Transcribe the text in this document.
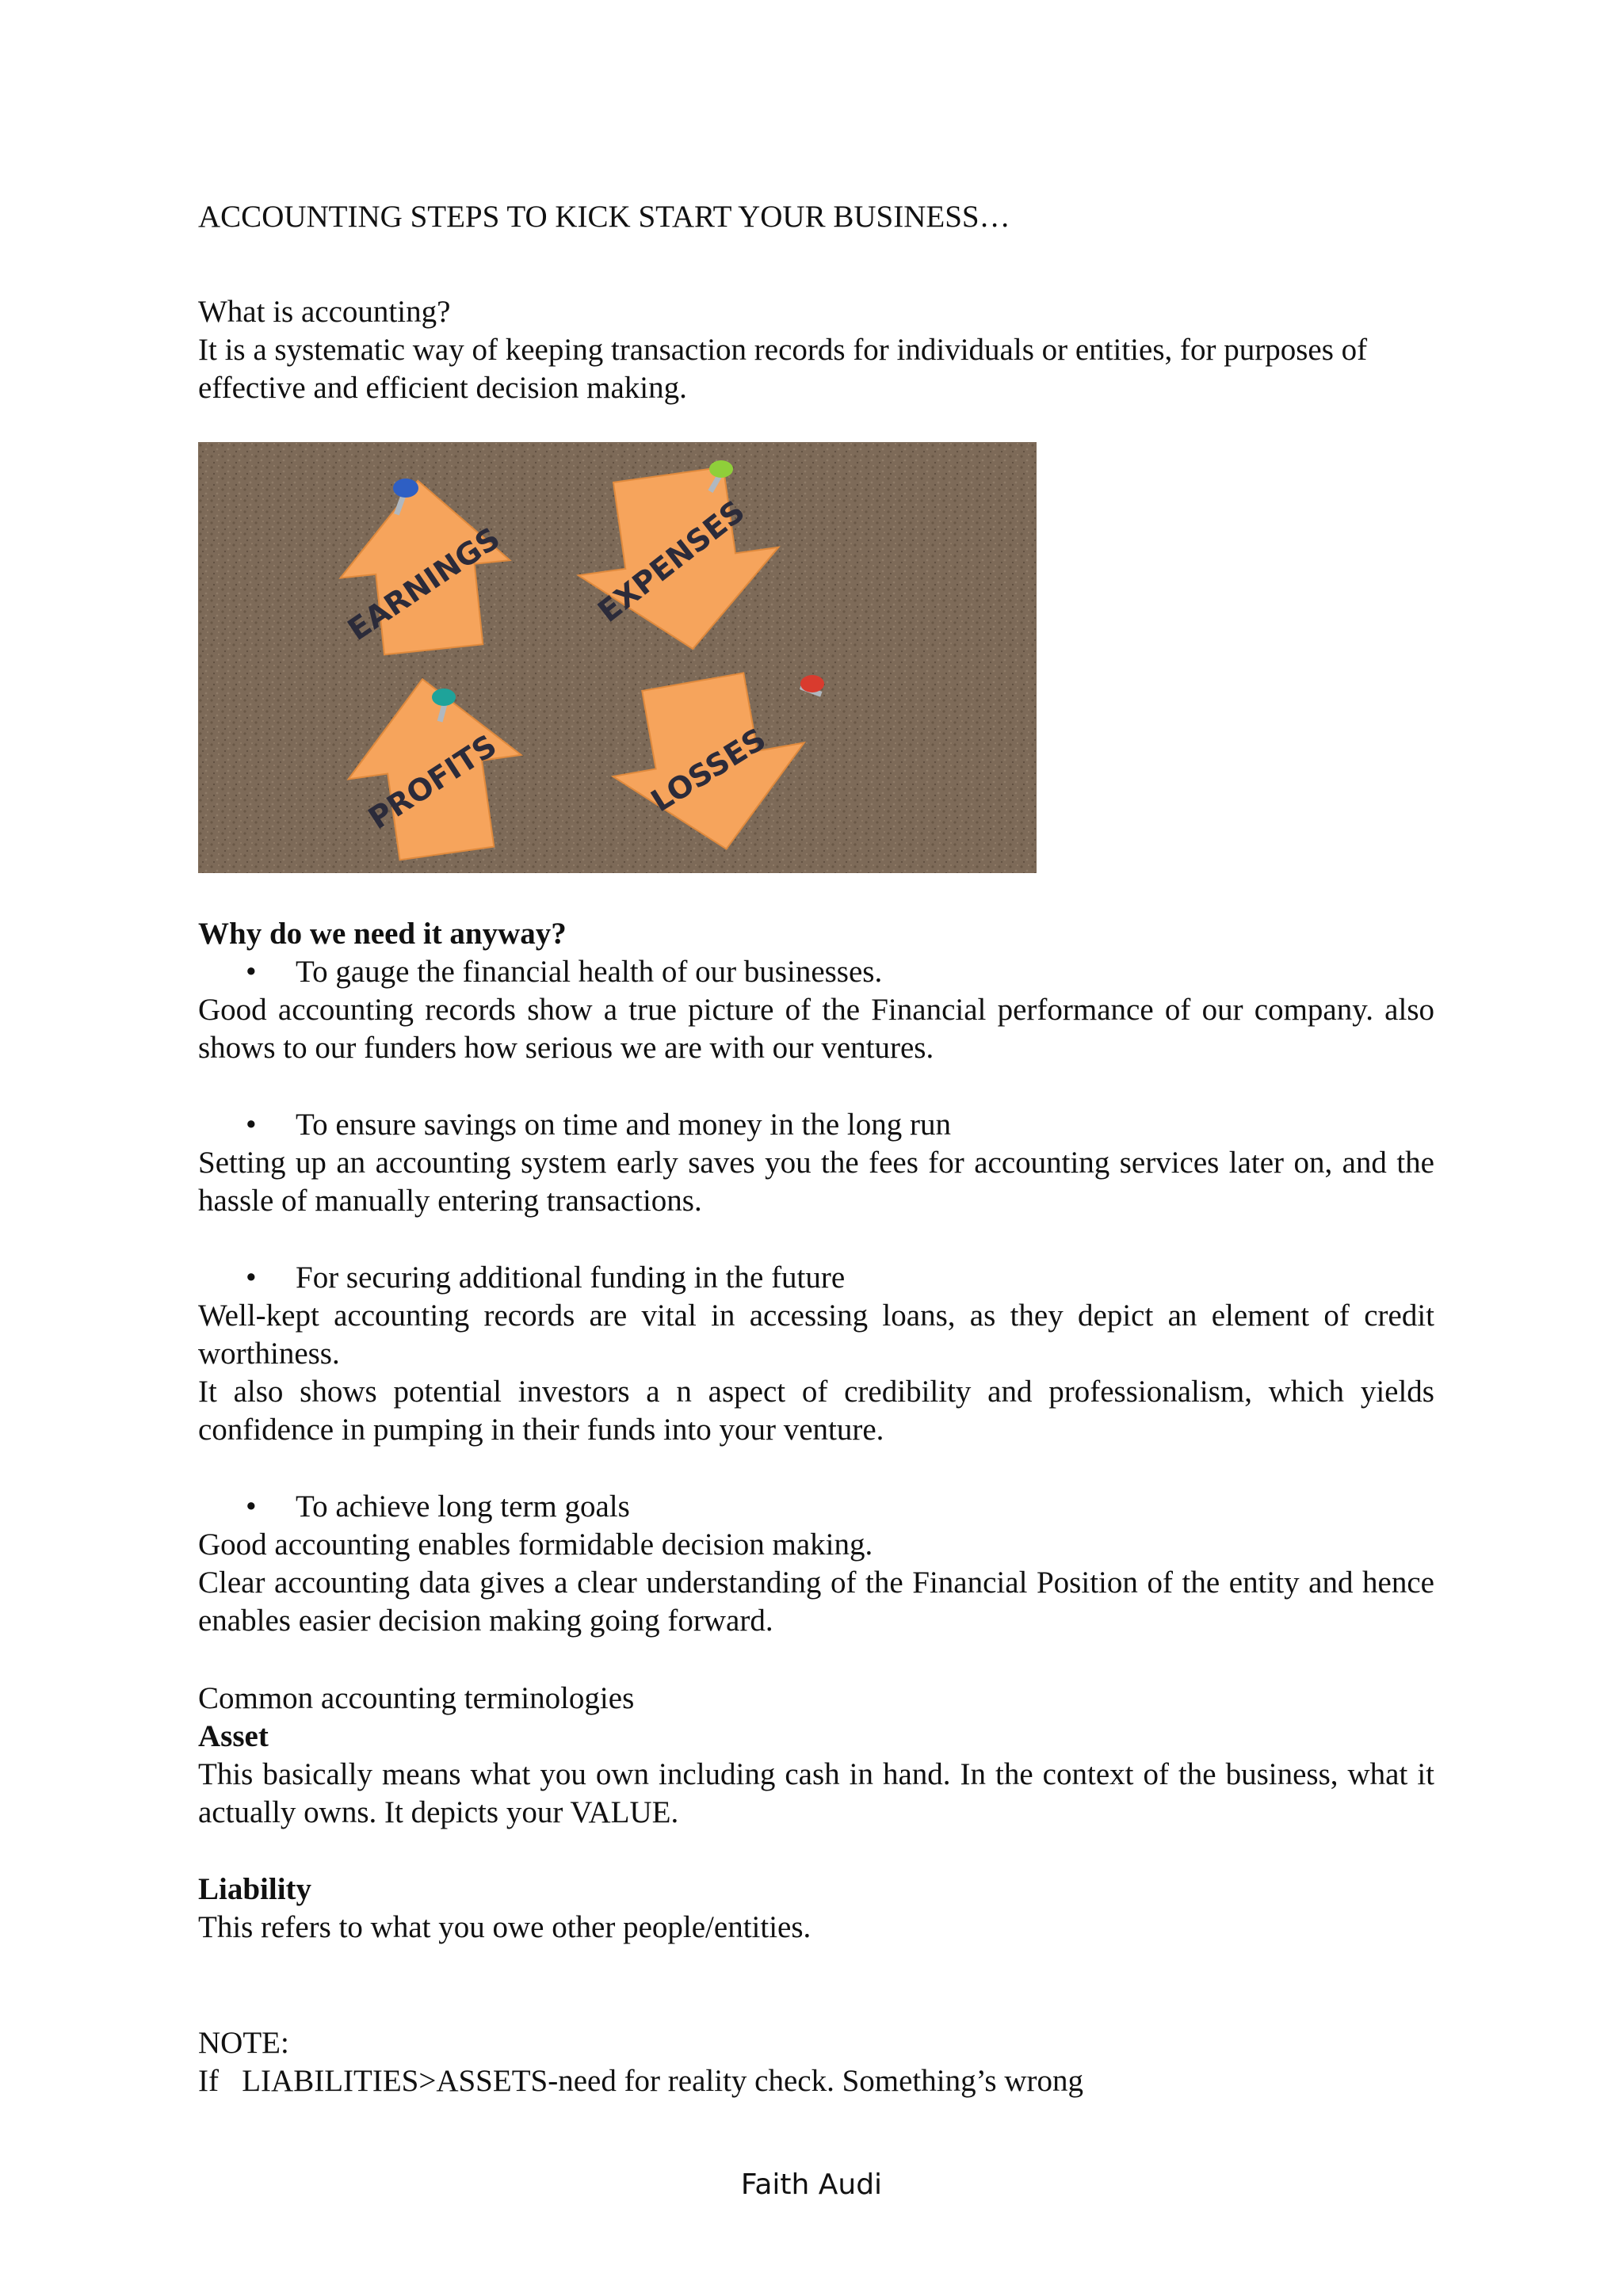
ACCOUNTING STEPS TO KICK START YOUR BUSINESS…
What is accounting?

It is a systematic way of keeping transaction records for individuals or entities, for purposes of effective and efficient decision making.

EARNINGS	EXPENSES
PROFITS	LOSSES
Why do we need it anyway?
• To gauge the financial health of our businesses.

Good accounting records show a true picture of the Financial performance of our company. also shows to our funders how serious we are with our ventures.

• To ensure savings on time and money in the long run

Setting up an accounting system early saves you the fees for accounting services later on, and the hassle of manually entering transactions.

• For securing additional funding in the future

Well-kept accounting records are vital in accessing loans, as they depict an element of credit worthiness.

It also shows potential investors a n aspect of credibility and professionalism, which yields confidence in pumping in their funds into your venture.

• To achieve long term goals

Good accounting enables formidable decision making.

Clear accounting data gives a clear understanding of the Financial Position of the entity and hence enables easier decision making going forward.

Common accounting terminologies
Asset

This basically means what you own including cash in hand. In the context of the business, what it actually owns. It depicts your VALUE.

Liability

This refers to what you owe other people/entities.

NOTE:
If   LIABILITIES>ASSETS-need for reality check. Something’s wrong
Faith Audi
